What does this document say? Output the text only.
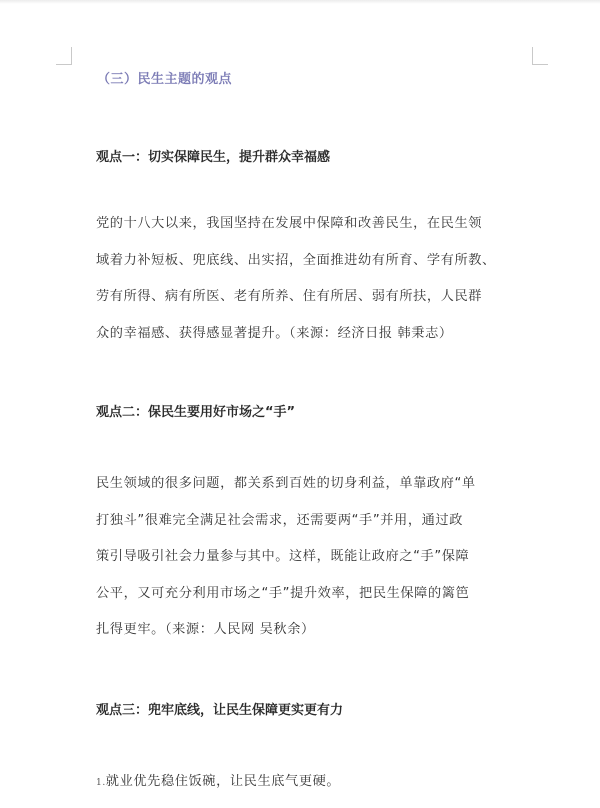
（三）民生主题的观点
观点一：切实保障民生，提升群众幸福感
党的十八大以来，我国坚持在发展中保障和改善民生，在民生领
域着力补短板、兜底线、出实招，全面推进幼有所育、学有所教、
劳有所得、病有所医、老有所养、住有所居、弱有所扶，人民群
众的幸福感、获得感显著提升。（来源：经济日报 韩秉志）
观点二：保民生要用好市场之“手”
民生领域的很多问题，都关系到百姓的切身利益，单靠政府“单
打独斗”很难完全满足社会需求，还需要两“手”并用，通过政
策引导吸引社会力量参与其中。这样，既能让政府之“手”保障
公平，又可充分利用市场之“手”提升效率，把民生保障的篱笆
扎得更牢。（来源：人民网 吴秋余）
观点三：兜牢底线，让民生保障更实更有力
1.就业优先稳住饭碗，让民生底气更硬。
